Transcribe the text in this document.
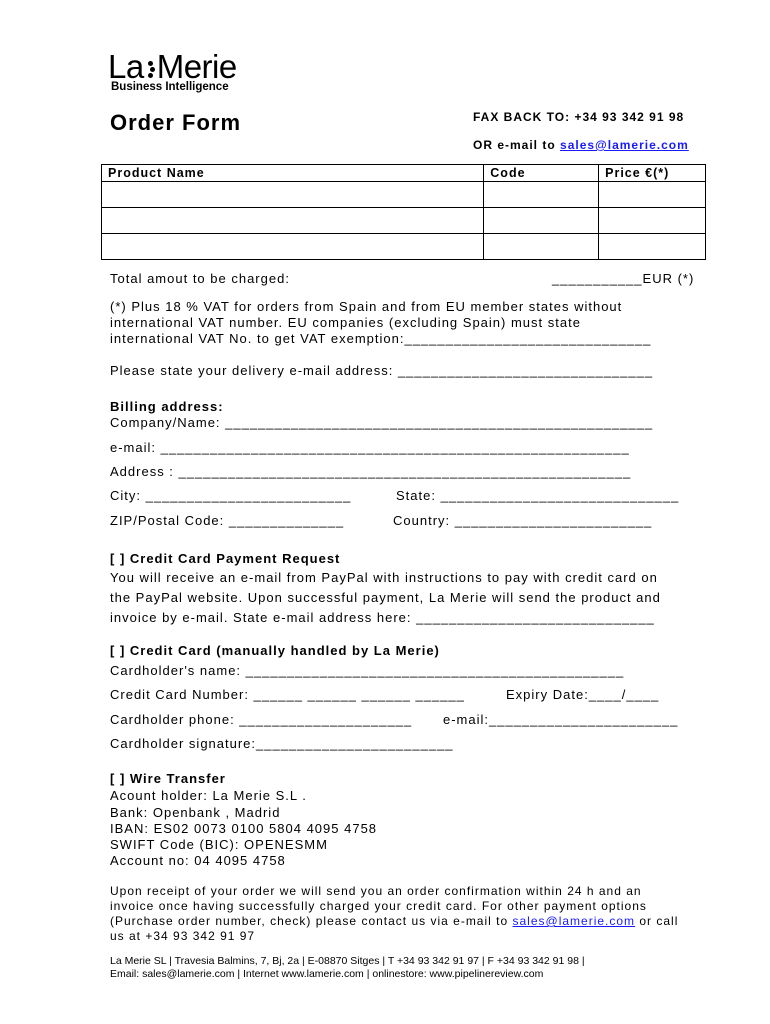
La Merie
Business Intelligence
Order Form	FAX BACK TO: +34 93 342 91 98
OR e-mail to sales@lamerie.com
Product Name	Code	Price €(*)

Total amout to be charged:	___________EUR (*)
(*) Plus 18 % VAT for orders from Spain and from EU member states without
international VAT number. EU companies (excluding Spain) must state
international VAT No. to get VAT exemption:______________________________
Please state your delivery e-mail address: _______________________________
Billing address:
Company/Name: ____________________________________________________
e-mail: _________________________________________________________
Address : _______________________________________________________
City: _________________________	State: _____________________________
ZIP/Postal Code: ______________	Country: ________________________
[ ] Credit Card Payment Request
You will receive an e-mail from PayPal with instructions to pay with credit card on
the PayPal website. Upon successful payment, La Merie will send the product and
invoice by e-mail. State e-mail address here: _____________________________
[ ] Credit Card (manually handled by La Merie)
Cardholder's name: ______________________________________________
Credit Card Number: ______ ______ ______ ______	Expiry Date:____/____
Cardholder phone: _____________________ e-mail:_______________________
Cardholder signature:________________________
[ ] Wire Transfer
Acount holder: La Merie S.L .
Bank: Openbank , Madrid
IBAN: ES02 0073 0100 5804 4095 4758
SWIFT Code (BIC): OPENESMM
Account no: 04 4095 4758
Upon receipt of your order we will send you an order confirmation within 24 h and an
invoice once having successfully charged your credit card. For other payment options
(Purchase order number, check) please contact us via e-mail to sales@lamerie.com or call
us at +34 93 342 91 97
La Merie SL | Travesia Balmins, 7, Bj, 2a | E-08870 Sitges | T +34 93 342 91 97 | F +34 93 342 91 98 |
Email: sales@lamerie.com | Internet www.lamerie.com | onlinestore: www.pipelinereview.com
